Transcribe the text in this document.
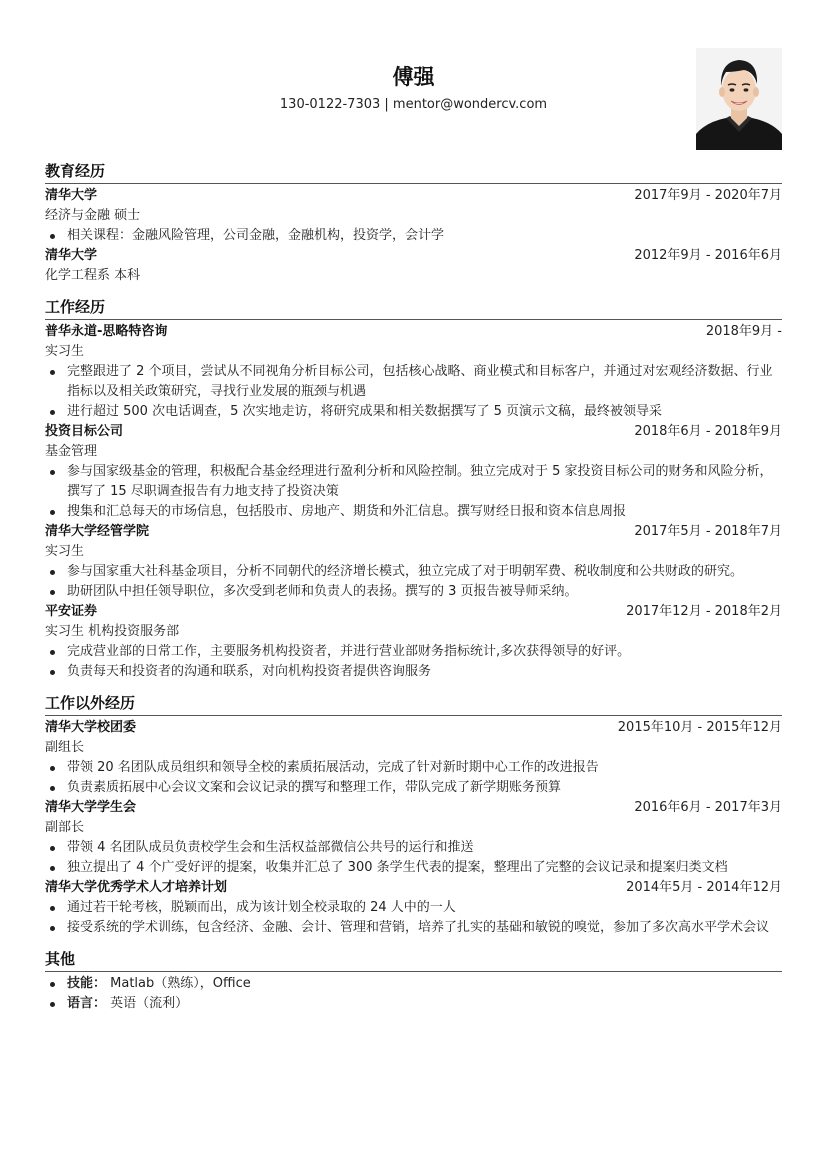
傅强
130-0122-7303 | mentor@wondercv.com
教育经历
清华大学	2017年9月 - 2020年7月
经济与金融 硕士
相关课程：金融风险管理，公司金融，金融机构，投资学，会计学
清华大学	2012年9月 - 2016年6月
化学工程系 本科
工作经历
普华永道-思略特咨询	2018年9月 -
实习生
完整跟进了 2 个项目，尝试从不同视角分析目标公司，包括核心战略、商业模式和目标客户，并通过对宏观经济数据、行业指标以及相关政策研究，寻找行业发展的瓶颈与机遇
进行超过 500 次电话调查，5 次实地走访，将研究成果和相关数据撰写了 5 页演示文稿，最终被领导采
投资目标公司	2018年6月 - 2018年9月
基金管理
参与国家级基金的管理，积极配合基金经理进行盈利分析和风险控制。独立完成对于 5 家投资目标公司的财务和风险分析，撰写了 15 尽职调查报告有力地支持了投资决策
搜集和汇总每天的市场信息，包括股市、房地产、期货和外汇信息。撰写财经日报和资本信息周报
清华大学经管学院	2017年5月 - 2018年7月
实习生
参与国家重大社科基金项目，分析不同朝代的经济增长模式，独立完成了对于明朝军费、税收制度和公共财政的研究。
助研团队中担任领导职位，多次受到老师和负责人的表扬。撰写的 3 页报告被导师采纳。
平安证券	2017年12月 - 2018年2月
实习生 机构投资服务部
完成营业部的日常工作，主要服务机构投资者，并进行营业部财务指标统计,多次获得领导的好评。
负责每天和投资者的沟通和联系，对向机构投资者提供咨询服务
工作以外经历
清华大学校团委	2015年10月 - 2015年12月
副组长
带领 20 名团队成员组织和领导全校的素质拓展活动，完成了针对新时期中心工作的改进报告
负责素质拓展中心会议文案和会议记录的撰写和整理工作，带队完成了新学期账务预算
清华大学学生会	2016年6月 - 2017年3月
副部长
带领 4 名团队成员负责校学生会和生活权益部微信公共号的运行和推送
独立提出了 4 个广受好评的提案，收集并汇总了 300 条学生代表的提案，整理出了完整的会议记录和提案归类文档
清华大学优秀学术人才培养计划	2014年5月 - 2014年12月
通过若干轮考核，脱颖而出，成为该计划全校录取的 24 人中的一人
接受系统的学术训练，包含经济、金融、会计、管理和营销，培养了扎实的基础和敏锐的嗅觉，参加了多次高水平学术会议
其他
技能： Matlab（熟练），Office
语言： 英语（流利）
